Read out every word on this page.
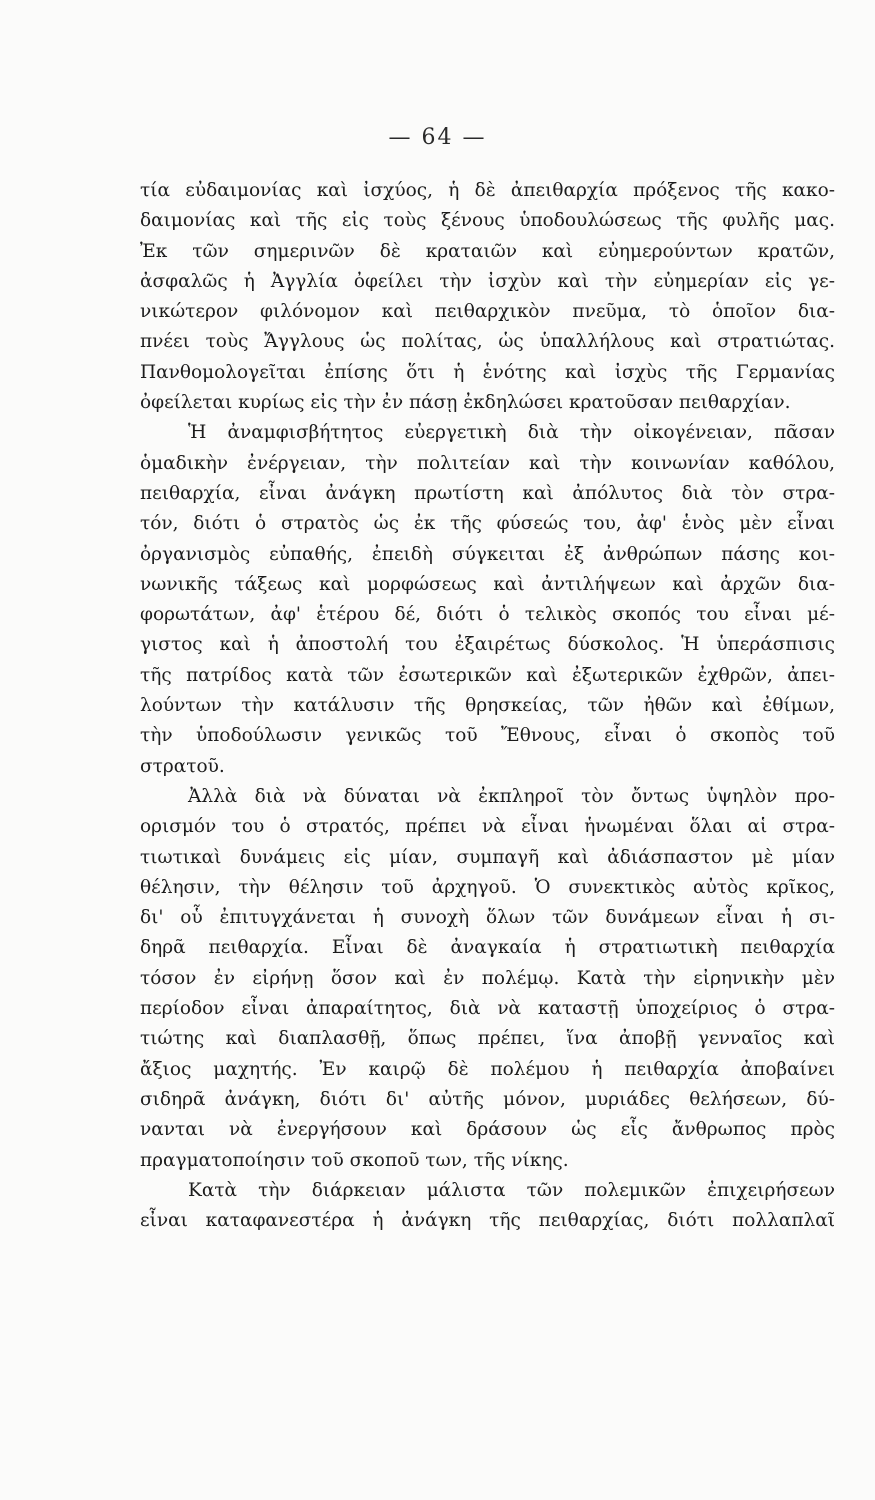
— 64 —
τία εὐδαιμονίας καὶ ἰσχύος, ἡ δὲ ἀπειθαρχία πρόξενος τῆς κακο-
δαιμονίας καὶ τῆς εἰς τοὺς ξένους ὑποδουλώσεως τῆς φυλῆς μας.
Ἐκ τῶν σημερινῶν δὲ κραταιῶν καὶ εὐημερούντων κρατῶν,
ἀσφαλῶς ἡ Ἀγγλία ὀφείλει τὴν ἰσχὺν καὶ τὴν εὐημερίαν εἰς γε-
νικώτερον φιλόνομον καὶ πειθαρχικὸν πνεῦμα, τὸ ὁποῖον δια-
πνέει τοὺς Ἄγγλους ὡς πολίτας, ὡς ὑπαλλήλους καὶ στρατιώτας.
Πανθομολογεῖται ἐπίσης ὅτι ἡ ἑνότης καὶ ἰσχὺς τῆς Γερμανίας
ὀφείλεται κυρίως εἰς τὴν ἐν πάσῃ ἐκδηλώσει κρατοῦσαν πειθαρχίαν.
Ἡ ἀναμφισβήτητος εὐεργετικὴ διὰ τὴν οἰκογένειαν, πᾶσαν
ὁμαδικὴν ἐνέργειαν, τὴν πολιτείαν καὶ τὴν κοινωνίαν καθόλου,
πειθαρχία, εἶναι ἀνάγκη πρωτίστη καὶ ἀπόλυτος διὰ τὸν στρα-
τόν, διότι ὁ στρατὸς ὡς ἐκ τῆς φύσεώς του, ἀφ' ἑνὸς μὲν εἶναι
ὀργανισμὸς εὐπαθής, ἐπειδὴ σύγκειται ἐξ ἀνθρώπων πάσης κοι-
νωνικῆς τάξεως καὶ μορφώσεως καὶ ἀντιλήψεων καὶ ἀρχῶν δια-
φορωτάτων, ἀφ' ἑτέρου δέ, διότι ὁ τελικὸς σκοπός του εἶναι μέ-
γιστος καὶ ἡ ἀποστολή του ἐξαιρέτως δύσκολος. Ἡ ὑπεράσπισις
τῆς πατρίδος κατὰ τῶν ἐσωτερικῶν καὶ ἐξωτερικῶν ἐχθρῶν, ἀπει-
λούντων τὴν κατάλυσιν τῆς θρησκείας, τῶν ἠθῶν καὶ ἐθίμων,
τὴν ὑποδούλωσιν γενικῶς τοῦ Ἔθνους, εἶναι ὁ σκοπὸς τοῦ
στρατοῦ.
Ἀλλὰ διὰ νὰ δύναται νὰ ἐκπληροῖ τὸν ὄντως ὑψηλὸν προ-
ορισμόν του ὁ στρατός, πρέπει νὰ εἶναι ἡνωμέναι ὅλαι αἱ στρα-
τιωτικαὶ δυνάμεις εἰς μίαν, συμπαγῆ καὶ ἀδιάσπαστον μὲ μίαν
θέλησιν, τὴν θέλησιν τοῦ ἀρχηγοῦ. Ὁ συνεκτικὸς αὐτὸς κρῖκος,
δι' οὗ ἐπιτυγχάνεται ἡ συνοχὴ ὅλων τῶν δυνάμεων εἶναι ἡ σι-
δηρᾶ πειθαρχία. Εἶναι δὲ ἀναγκαία ἡ στρατιωτικὴ πειθαρχία
τόσον ἐν εἰρήνῃ ὅσον καὶ ἐν πολέμῳ. Κατὰ τὴν εἰρηνικὴν μὲν
περίοδον εἶναι ἀπαραίτητος, διὰ νὰ καταστῇ ὑποχείριος ὁ στρα-
τιώτης καὶ διαπλασθῇ, ὅπως πρέπει, ἵνα ἀποβῇ γενναῖος καὶ
ἄξιος μαχητής. Ἐν καιρῷ δὲ πολέμου ἡ πειθαρχία ἀποβαίνει
σιδηρᾶ ἀνάγκη, διότι δι' αὐτῆς μόνον, μυριάδες θελήσεων, δύ-
νανται νὰ ἐνεργήσουν καὶ δράσουν ὡς εἷς ἄνθρωπος πρὸς
πραγματοποίησιν τοῦ σκοποῦ των, τῆς νίκης.
Κατὰ τὴν διάρκειαν μάλιστα τῶν πολεμικῶν ἐπιχειρήσεων
εἶναι καταφανεστέρα ἡ ἀνάγκη τῆς πειθαρχίας, διότι πολλαπλαῖ
